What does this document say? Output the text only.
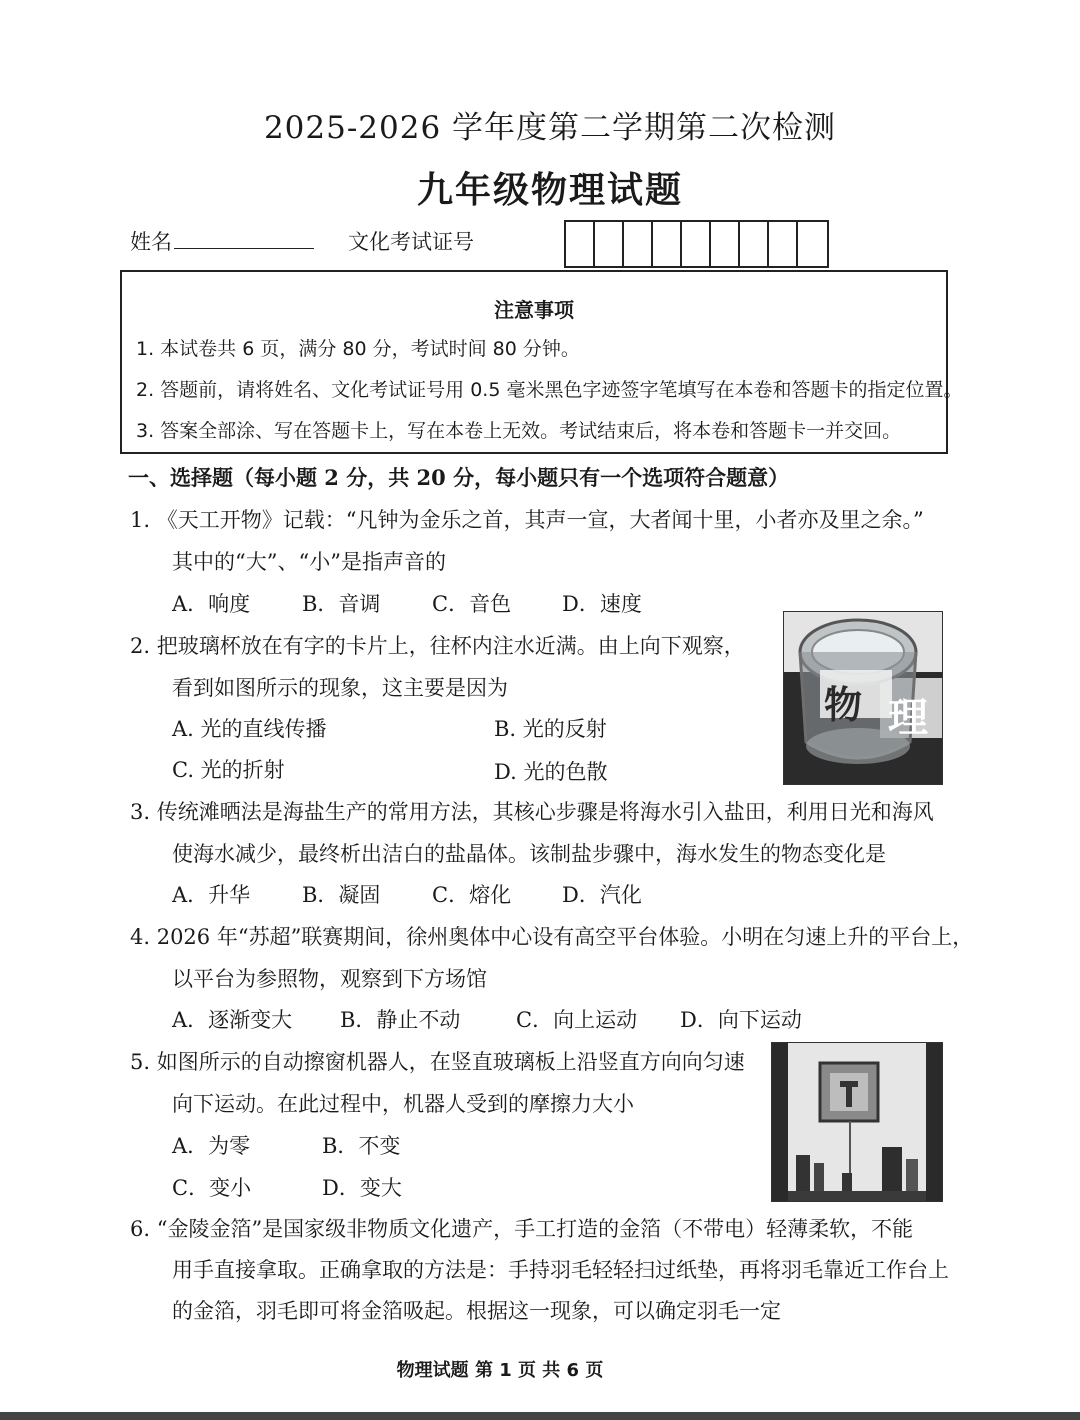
2025-2026 学年度第二学期第二次检测
九年级物理试题
姓名	文化考试证号
注意事项
1. 本试卷共 6 页，满分 80 分，考试时间 80 分钟。
2. 答题前，请将姓名、文化考试证号用 0.5 毫米黑色字迹签字笔填写在本卷和答题卡的指定位置。
3. 答案全部涂、写在答题卡上，写在本卷上无效。考试结束后，将本卷和答题卡一并交回。
一、选择题（每小题 2 分，共 20 分，每小题只有一个选项符合题意）
1. 《天工开物》记载：“凡钟为金乐之首，其声一宣，大者闻十里，小者亦及里之余。”
其中的“大”、“小”是指声音的
A．响度 B．音调 C．音色 D．速度
2. 把玻璃杯放在有字的卡片上，往杯内注水近满。由上向下观察，
看到如图所示的现象，这主要是因为
A. 光的直线传播	B. 光的反射
C. 光的折射	D. 光的色散
物 理
3. 传统滩晒法是海盐生产的常用方法，其核心步骤是将海水引入盐田，利用日光和海风
使海水减少，最终析出洁白的盐晶体。该制盐步骤中，海水发生的物态变化是
A．升华 B．凝固 C．熔化 D．汽化
4. 2026 年“苏超”联赛期间，徐州奥体中心设有高空平台体验。小明在匀速上升的平台上，
以平台为参照物，观察到下方场馆
A．逐渐变大 B．静止不动	C．向上运动 D．向下运动
5. 如图所示的自动擦窗机器人，在竖直玻璃板上沿竖直方向向匀速
向下运动。在此过程中，机器人受到的摩擦力大小
A．为零	B．不变
C．变小	D．变大
6. “金陵金箔”是国家级非物质文化遗产，手工打造的金箔（不带电）轻薄柔软，不能
用手直接拿取。正确拿取的方法是：手持羽毛轻轻扫过纸垫，再将羽毛靠近工作台上
的金箔，羽毛即可将金箔吸起。根据这一现象，可以确定羽毛一定
物理试题 第 1 页 共 6 页
